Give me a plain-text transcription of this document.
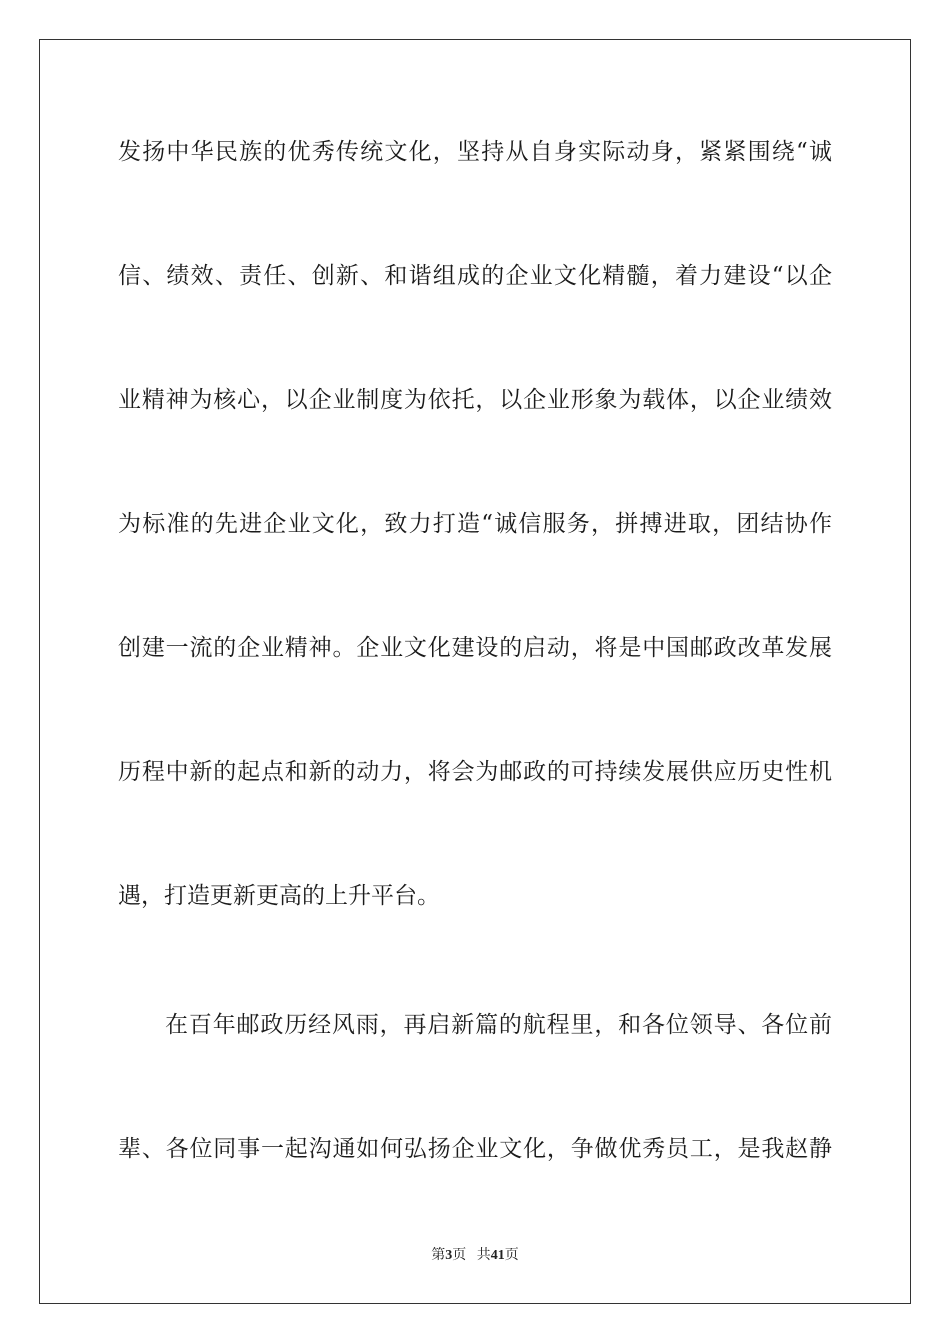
发扬中华民族的优秀传统文化，坚持从自身实际动身，紧紧围绕“诚
信、绩效、责任、创新、和谐组成的企业文化精髓，着力建设“以企
业精神为核心，以企业制度为依托，以企业形象为载体，以企业绩效
为标准的先进企业文化，致力打造“诚信服务，拼搏进取，团结协作
创建一流的企业精神。企业文化建设的启动，将是中国邮政改革发展
历程中新的起点和新的动力，将会为邮政的可持续发展供应历史性机
遇，打造更新更高的上升平台。
在百年邮政历经风雨，再启新篇的航程里，和各位领导、各位前
辈、各位同事一起沟通如何弘扬企业文化，争做优秀员工，是我赵静
第3页 共41页
